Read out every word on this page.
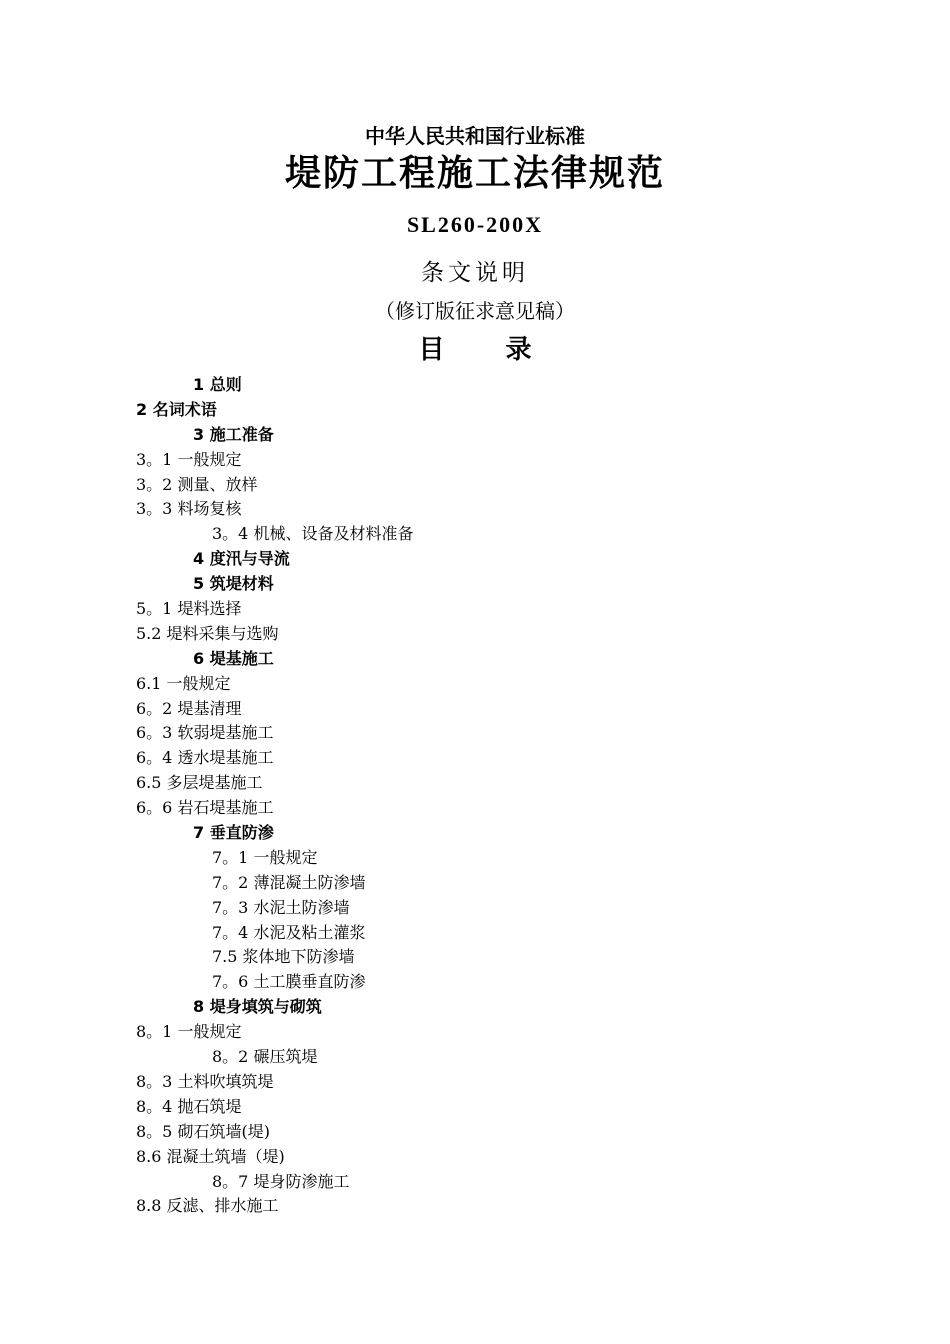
中华人民共和国行业标准
堤防工程施工法律规范
SL260-200X
条文说明
（修订版征求意见稿）
目 录
1 总则
2 名词术语
3 施工准备
3。1 一般规定
3。2 测量、放样
3。3 料场复核
3。4 机械、设备及材料准备
4 度汛与导流
5 筑堤材料
5。1 堤料选择
5.2 堤料采集与选购
6 堤基施工
6.1 一般规定
6。2 堤基清理
6。3 软弱堤基施工
6。4 透水堤基施工
6.5 多层堤基施工
6。6 岩石堤基施工
7 垂直防渗
7。1 一般规定
7。2 薄混凝土防渗墙
7。3 水泥土防渗墙
7。4 水泥及粘土灌浆
7.5 浆体地下防渗墙
7。6 土工膜垂直防渗
8 堤身填筑与砌筑
8。1 一般规定
8。2 碾压筑堤
8。3 土料吹填筑堤
8。4 抛石筑堤
8。5 砌石筑墙(堤)
8.6 混凝土筑墙（堤)
8。7 堤身防渗施工
8.8 反滤、排水施工
